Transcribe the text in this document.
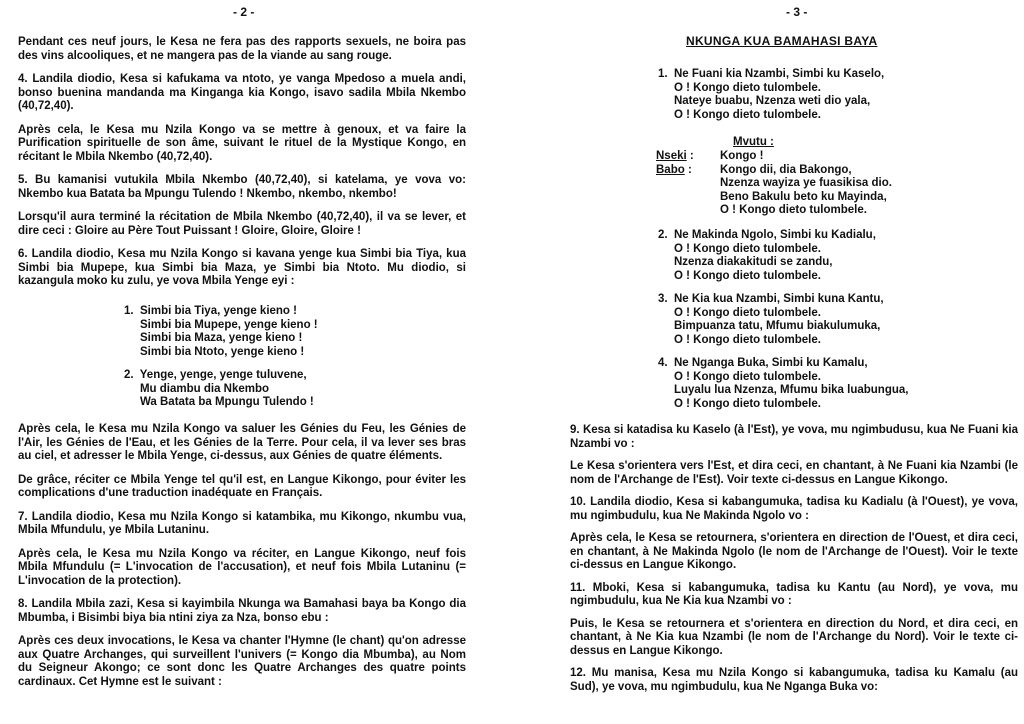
- 2 -

Pendant ces neuf jours, le Kesa ne fera pas des rapports sexuels, ne boira pas des vins alcooliques, et ne mangera pas de la viande au sang rouge.

4. Landila diodio, Kesa si kafukama va ntoto, ye vanga Mpedoso a muela andi, bonso buenina mandanda ma Kinganga kia Kongo, isavo sadila Mbila Nkembo (40,72,40).

Après cela, le Kesa mu Nzila Kongo va se mettre à genoux, et va faire la Purification spirituelle de son âme, suivant le rituel de la Mystique Kongo, en récitant le Mbila Nkembo (40,72,40).

5. Bu kamanisi vutukila Mbila Nkembo (40,72,40), si katelama, ye vova vo: Nkembo kua Batata ba Mpungu Tulendo ! Nkembo, nkembo, nkembo!

Lorsqu'il aura terminé la récitation de Mbila Nkembo (40,72,40), il va se lever, et dire ceci : Gloire au Père Tout Puissant ! Gloire, Gloire, Gloire !

6. Landila diodio, Kesa mu Nzila Kongo si kavana yenge kua Simbi bia Tiya, kua Simbi bia Mupepe, kua Simbi bia Maza, ye Simbi bia Ntoto. Mu diodio, si kazangula moko ku zulu, ye vova Mbila Yenge eyi :

1.  Simbi bia Tiya, yenge kieno !
Simbi bia Mupepe, yenge kieno !
Simbi bia Maza, yenge kieno !
Simbi bia Ntoto, yenge kieno !
2.  Yenge, yenge, yenge tuluvene,
Mu diambu dia Nkembo
Wa Batata ba Mpungu Tulendo !

Après cela, le Kesa mu Nzila Kongo va saluer les Génies du Feu, les Génies de l'Air, les Génies de l'Eau, et les Génies de la Terre. Pour cela, il va lever ses bras au ciel, et adresser le Mbila Yenge, ci-dessus, aux Génies de quatre éléments.

De grâce, réciter ce Mbila Yenge tel qu'il est, en Langue Kikongo, pour éviter les complications d'une traduction inadéquate en Français.

7. Landila diodio, Kesa mu Nzila Kongo si katambika, mu Kikongo, nkumbu vua, Mbila Mfundulu, ye Mbila Lutaninu.

Après cela, le Kesa mu Nzila Kongo va réciter, en Langue Kikongo, neuf fois Mbila Mfundulu (= L'invocation de l'accusation), et neuf fois Mbila Lutaninu (= L'invocation de la protection).

8. Landila Mbila zazi, Kesa si kayimbila Nkunga wa Bamahasi baya ba Kongo dia Mbumba, i Bisimbi biya bia ntini ziya za Nza, bonso ebu :

Après ces deux invocations, le Kesa va chanter l'Hymne (le chant) qu'on adresse aux Quatre Archanges, qui surveillent l'univers (= Kongo dia Mbumba), au Nom du Seigneur Akongo; ce sont donc les Quatre Archanges des quatre points cardinaux. Cet Hymne est le suivant :

- 3 -
NKUNGA KUA BAMAHASI BAYA
1.  Ne Fuani kia Nzambi, Simbi ku Kaselo,
O ! Kongo dieto tulombele.
Nateye buabu, Nzenza weti dio yala,
O ! Kongo dieto tulombele.
Mvutu :
Nseki : Kongo !
Babo : Kongo dii, dia Bakongo,
Nzenza wayiza ye fuasikisa dio.
Beno Bakulu beto ku Mayinda,
O ! Kongo dieto tulombele.
2.  Ne Makinda Ngolo, Simbi ku Kadialu,
O ! Kongo dieto tulombele.
Nzenza diakakitudi se zandu,
O ! Kongo dieto tulombele.
3.  Ne Kia kua Nzambi, Simbi kuna Kantu,
O ! Kongo dieto tulombele.
Bimpuanza tatu, Mfumu biakulumuka,
O ! Kongo dieto tulombele.
4.  Ne Nganga Buka, Simbi ku Kamalu,
O ! Kongo dieto tulombele.
Luyalu lua Nzenza, Mfumu bika luabungua,
O ! Kongo dieto tulombele.

9. Kesa si katadisa ku Kaselo (à l'Est), ye vova, mu ngimbudusu, kua Ne Fuani kia Nzambi vo :

Le Kesa s'orientera vers l'Est, et dira ceci, en chantant, à Ne Fuani kia Nzambi (le nom de l'Archange de l'Est). Voir texte ci-dessus en Langue Kikongo.

10. Landila diodio, Kesa si kabangumuka, tadisa ku Kadialu (à l'Ouest), ye vova, mu ngimbudulu, kua Ne Makinda Ngolo vo :

Après cela, le Kesa se retournera, s'orientera en direction de l'Ouest, et dira ceci, en chantant, à Ne Makinda Ngolo (le nom de l'Archange de l'Ouest). Voir le texte ci-dessus en Langue Kikongo.

11. Mboki, Kesa si kabangumuka, tadisa ku Kantu (au Nord), ye vova, mu ngimbudulu, kua Ne Kia kua Nzambi vo :

Puis, le Kesa se retournera et s'orientera en direction du Nord, et dira ceci, en chantant, à Ne Kia kua Nzambi (le nom de l'Archange du Nord). Voir le texte ci-dessus en Langue Kikongo.

12. Mu manisa, Kesa mu Nzila Kongo si kabangumuka, tadisa ku Kamalu (au Sud), ye vova, mu ngimbudulu, kua Ne Nganga Buka vo:
